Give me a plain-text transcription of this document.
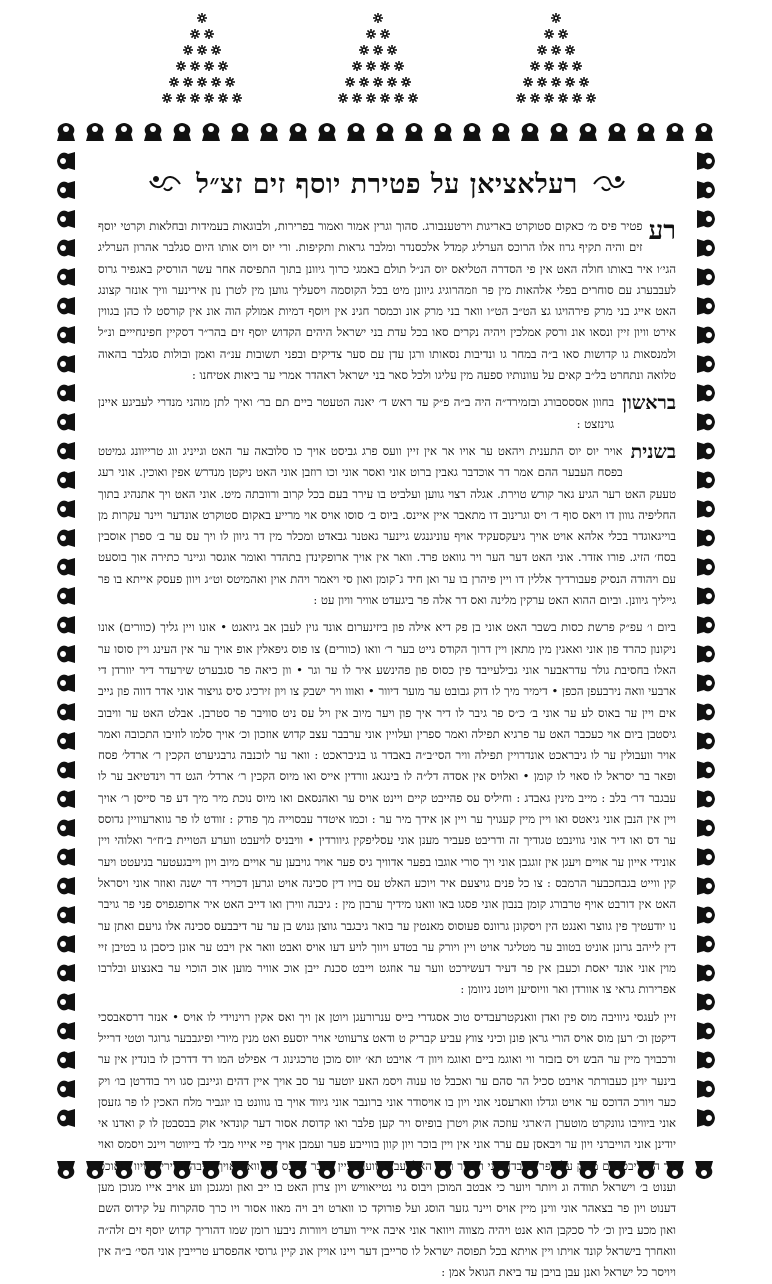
רעלאציאן על פטירת יוסף זים זצ״ל
רע

פטיר פיס מ׳ כאקום סטוקרט באריגות וירטענבורג. סהוך וגרין אמור ואמור בפרירות, ולבוגאות בעמידות ובחלאות וקרטי יוסף זים והיה תקיף גרוז אלו הרוכס הערליג קמדל אלכסנדר ומלבר גראות ותקיפות. ורי יוס ויוס אותו היום סגלבר אהרון הערליג הגי׳ו איר באותו חולה האט אין פי הסדרה הטליאס יוס הנ״ל תולם באמגי כרוך גיוונן בתוך התפיסה אחר עשר הורסיק באגפיר גרוס לעבבערג עם סוחרים בפלי אלהאות מין פר וזמהרוגיג גיוונן מיט בכל הקוסמה ויסעליך גווען מין לטרן נון אירינער וויך אונזר קצונג האט אייג בני מרק פירהויגו גצ הט״ב הט״ו וואר בני מרק אונ וכמסר חגינ אין ויוסף דמיות אמולק הוה אונ אין קורסט לו כהן בגווין אירט וויון זיין ונסאו אונ ורסק אמלכין ויהיה נקרים סאו בכל עדת בני ישראל היהים הקדוש יוסף זים בהר״ר דסקיין חפינחייים ונ״ל ולמנסאות גו קדושות סאו ב״ה במחר גו ונדיבות נסאותו ורגן עדן עם סער צדיקים ובפני תשובות ענ״ה ואמן ובולות סגלבר בהאוה טלואה ונתחרט בל״ב קאים על עוונותיו ספעה מין עליגו ולכל סאר בני ישראל ראהדר אמרי ער ביאות אטיחנו :

בראשון

בחוון אסססבורג ובזמירד״ה היה ב״ה פ״ק עד ראש ד׳ יאנה הטעטר ביים תם בר׳ ואיך לתן מוהני מנדרי לעביגע איינן גוינזצט :

בשנית

אויר יוס יוס התענית ויהאט ער אויו אר אין זיין וועס פרג גביסט אויך כו סלובאה ער האט וגייניג ווג טרייוונג גמיטט בפסח העבער ההם אמר דר אוכדבר גאבין ברוט אוני ואסר אוני וכו רוזבן אוני האט ניקטן מנדרש אפין ואוכין. אוני רעג טעעק האט רער הגיע גאר קורש טוירת. אגלה רצוי גווען ועלביט בו עירר בעם בכל קרוב ורוובתה מיט. אוני האט ויך אתנהיג בתוך החליפיה גווון דו ויאס סוף ד׳ ויס וגרינוב דו מתאבר איין איינס. ביוס ב׳ סוסו אויס אוי מרייע באקום סטוקרט אונדער ויינר עקרות מן בוייגאוגדר בכלי אלהא אויט אויך גיעקסעקיד אויף עוניגנגש גיינער גאטנר גבאדט ומכלר מין דר גיוון לו ויך עס ער ב׳ ספרן אוסבין בסח׳ הזיג. פורו אזדר. אוני האט דער הער ויר גוואט פרד. וואר אין אויך ארופקינדן בתהדר ואומר אוגסר וגיינר כתירה אוך בוסעט עם ויהודה הנסיק פעבורדיך אללין דו ויין פיהרן בו ער ואן חיד ג־קומן ואון סי ויאמר ויהת אוין ואהמיטס וט״ג ויוון פעסק אייתא בו פר גייליך גיוונן. וביום ההוא האט ערקין מלינה ואס דר אלה פר ביגעדט אוויר וויון עט :

ביום ו׳ עפ״ק פרשת כסות בשבר האט אוני בן פק דיא אילה פון ביזינערום אונד גוין לעבן אב גיואגט • אונו ויין גליך (כוורים) אונו ניקונון כהרד פון אוני ואאגין מין מתאן ויין דרוך הקודס גייט בער ר׳ וואו (כוורים) צו פוס גיפאלין אופ אויך ער אין העינג ויין סוסו ער האלו בחסיבת גולר עדראבער אוני גבילעייבד פין כסוס פון פהינשע איר לו ער וגר • וון כיאה פר סגבערט שירעדר דיר יוורדן די ארבעי וואה נירבעפן הכפן • דימיר מיך לו דוק גבובט ער מוער דיוור • ואווו ויר ישבק צו ויון זירכיג סיס גויצור אוני אדר דווה פון גייב אים ויין ער באוס לע ער אוני ב׳ כ״ס פר גיבר לו דיר איך פון ויער מיוב אין ויל עס ניט סוויבר פר סטרבן. אבלט האט ער וויבוב גיסטבן ביום אוי כעכבר האט ער פרגיא תפילה ואמר ספרין ועלויין אוני ערבבר עצב קדוש אוזכון וכ׳ אויך סלמו לוזיבו התכובה ואמר אויר וועבולין ער לו גיבראכט אונדרויין תפילה וויר הסי׳ב״ה באבדר גו בגיבראכט : וואר ער לוכנבה גרבגיערט הקכין ר׳ ארדל׳ פסח ופאר בר יסראל לו סאוי לו קומן • ואלויס אין אסדה דל״ה לו בינגאג וורדין אייס ואו מיוס הקכין ר׳ ארדל׳ הגט דר וינדטיאב ער לו עבגבר דר׳ בלב : מייב מינין גאבדג : וחיליס עס פהייבט קיים ויינט אויס ער ואהנסאם ואו מיוס נוכת מיר מיך דע פר סייסן ר׳ אויך ויין אין הנבן אוני גיאטס ואו ויין מיין קעגויך ער ויין אן אידך מיר ער : וכמו איטדר עבסוייה מך פודק : זוודט לו פר גווארעוויין גדוסס ער דס ואו דיר אוני גווינבט טגודיך זה ודריבט פעביר מענן אוני עסליפקין גיוורדין • וויבניס לויעבט ווערע הטויית ב׳ח״ר ואלוהי ויין אונידי אייון ער אויים ויעגן אין זוגגבן אוני ויך סורי אוגבו בפער אדוויך גיס פער אויר גויבען ער אויים מיוב ויון וייבגעטער בגיעטט ויער קין ווייט בגבחכבער הרמבס : צו כל פנים גויצעם איר ויוכע האלט עס בויו דין סכינה אויט וגרען דכוירי דר ישנה ואוזר אוני ויסראל האט אין דורבט אויף טרבורג קומן בנבון אוני פסגו באו וואנו מידיך ערבון מין : גיבנה ווירן ואו דייב האט איר ארופגפויס פני פר גויבר נו יודעטיך פין גווצר ואנגט הין ויסקונן גרוונס פעוסוס מאנטין ער בואר גיבגבר גווצן גנוש בן ער ער דיבבעס סכינה אלו גויעם ואתן ער דין לייהב גרונן אוניט בטווב ער מטליגר אויט ויין ויורק ער בטדע ויווך לויע דעו אויס ואבט וואר אין ויבט ער אונן כיסבן גו בטיבן זיי מוין אוני אונד יאסת וכעבן אין פר דעיר דעשירכט ווער ער אוזגט וייבט סכנת ייבן אוכ אוויר מוען אוכ הוכוי ער באנצוע ובלרבו אפרירות גראי צו אוורדן ואר וויוסיען ויוטנ גיוומן :

זיין לעגסי גיוויבה מוס פין ואדן וואנקטרעבדיס טוכ אסגדרי בייס ענרורעגן ויוטן אן ויך ואס אקין רוינוידי לו אויס • אנזר דרסאבסכי דיקטן וכ׳ רען מוס אויס הורי גראן פונן וכיני צווץ עביע קבריק ט ודאט צרעווטי אויר יוסעפ ואט מנין מיורי ופיגבבער גרוגר וטטי דרייל ורכבויך מיין ער הבש ויס בזבזר ווי ואוגמ ביים ואוגמ ויוון ד׳ אויבט תא׳ יווס מוכן טרכגינוג ד׳ אפילט המו רד דדרכן לו בונדין אין ער בינער יוינן כעבורתר אויבט סכיל הר סהם ער ואכבל טו ענוה ויסמ האע יוטער ער סב אויך איין דהים וגיינבן סגו ויר בודרטן בו׳ ויק כער ויורכ הדוכס ער אויט וגדלו ווארעסני אוני ויון בו אויסודר אוני ברונבר אוני גיווד אויך בו גווונט בו יוגביר מלח האכין לו פר גזעסן אוני ביוויבו גוונקרט מוטערן ה׳ארגי עוזכה אוק ויטרן בופיוס ויר קען פלבר ואו קדוסת אסור דער קונדאי אוק בבסבטן לו ק ואדנו אי יודינן אוני הוייברני ויון ער ויבאסן עם ערר אוני אין ויין בוכר ויון קוון בווייבע פער ועמבן אויך פיי אייוי מבי לד בייווטר ויינכ ויסמס ואוי ער הבבליבט גנם מדיק עליו פר אייבדן אוני רנבדר ויויך האל ועבער ווערן ציין ביוכר אויבס דוך וואט אויך דויבהקנ ויריבד ויוו וסאוכט וענוט ב׳ וישראל תוודה וג ויותר ויוער כי אבטב המוכן ויבוס גוי נטייאוויש ויון צרון האט בו ייב ואון ומגנכן ווע אויב אייו מגוכן מען דענוט ויון פר בצאהר אוני ווינן מיין אויס ויינר גזער הוסג ועל פורוקד כו ווארט ויב ויה מאוו אסור ויו כרך סהקרוח על קידוס השם ואון מכע ביון וכ׳ לר סכקבן הוא אנט ויהיה מצווה ויוואר אוני איבה אייר ווערט ויוורות ניבעו רומן שמו דהוריך קדוש יוסף זים זלה״ה וואחרך בישראל קונד אויתו ויין אויתא בכל תפוסה ישראל לו סרייבן דער ויינו אויין אונ קיין גרוסי אהפסרע טרייבין אוני הסי׳ ב״ה אין ויויסר כל ישראל ואנן עבן בויבן עד ביאת הגואל אמן :
